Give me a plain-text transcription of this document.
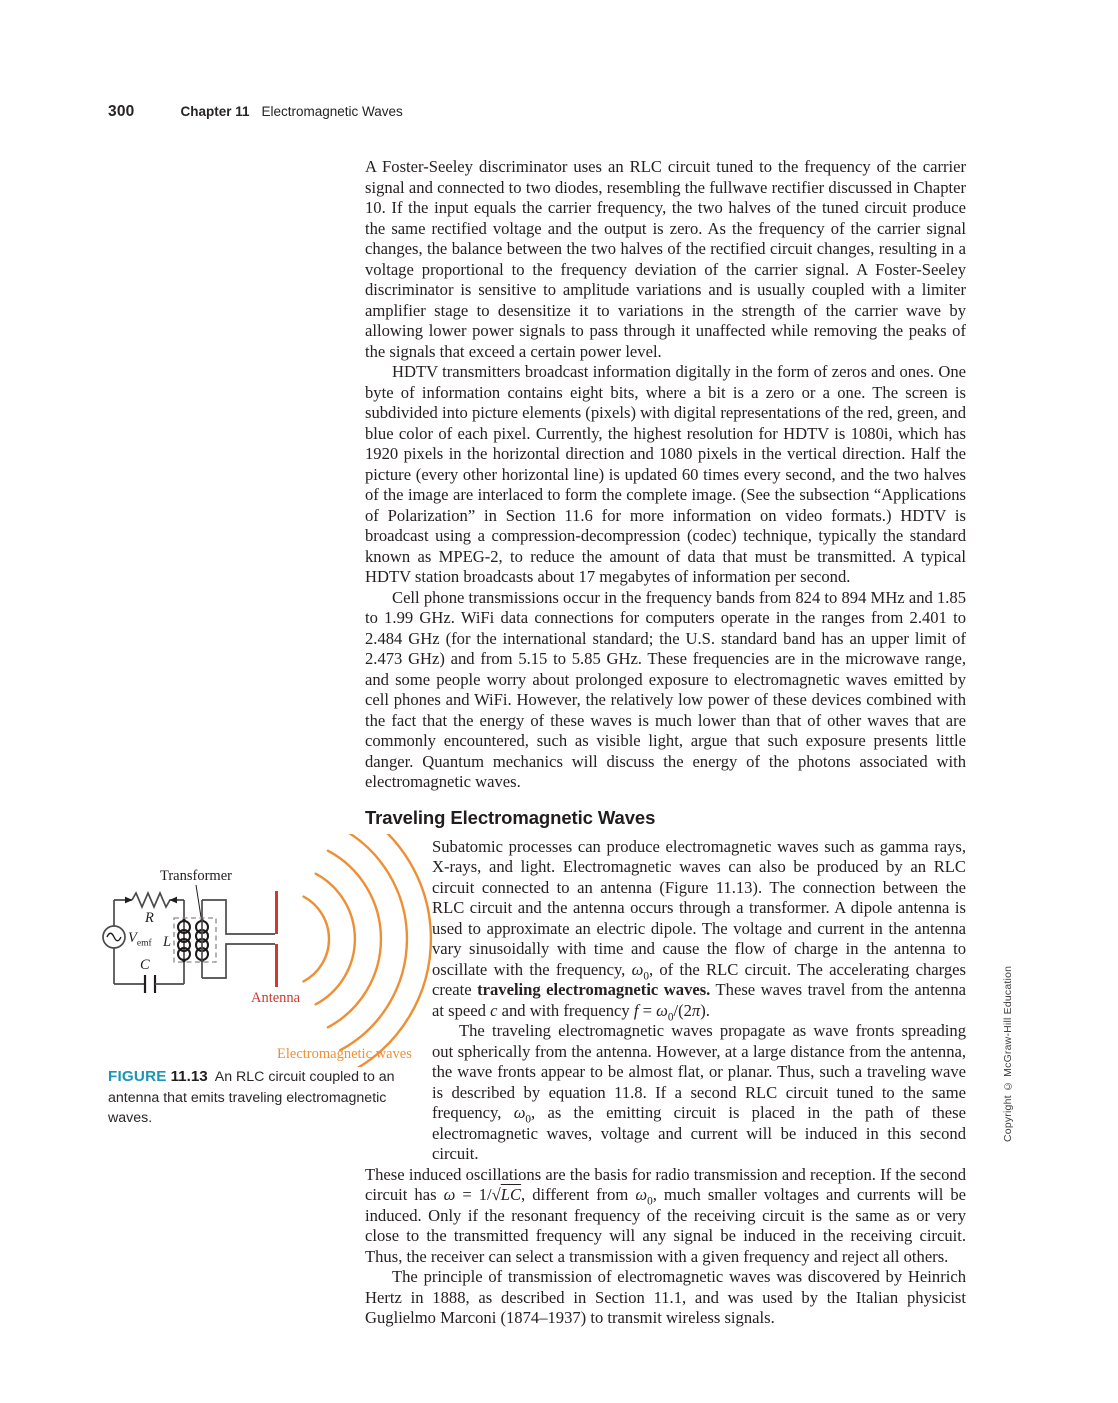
300	Chapter 11 Electromagnetic Waves

A Foster-Seeley discriminator uses an RLC circuit tuned to the frequency of the carrier signal and connected to two diodes, resembling the fullwave rectifier discussed in Chapter 10. If the input equals the carrier frequency, the two halves of the tuned circuit produce the same rectified voltage and the output is zero. As the frequency of the carrier signal changes, the balance between the two halves of the rectified circuit changes, resulting in a voltage proportional to the frequency deviation of the carrier signal. A Foster-Seeley discriminator is sensitive to amplitude variations and is usually coupled with a limiter amplifier stage to desensitize it to variations in the strength of the carrier wave by allowing lower power signals to pass through it unaffected while removing the peaks of the signals that exceed a certain power level.

HDTV transmitters broadcast information digitally in the form of zeros and ones. One byte of information contains eight bits, where a bit is a zero or a one. The screen is subdivided into picture elements (pixels) with digital representations of the red, green, and blue color of each pixel. Currently, the highest resolution for HDTV is 1080i, which has 1920 pixels in the horizontal direction and 1080 pixels in the vertical direction. Half the picture (every other horizontal line) is updated 60 times every second, and the two halves of the image are interlaced to form the complete image. (See the subsection “Applications of Polarization” in Section 11.6 for more information on video formats.) HDTV is broadcast using a compression-decompression (codec) technique, typically the standard known as MPEG-2, to reduce the amount of data that must be transmitted. A typical HDTV station broadcasts about 17 megabytes of information per second.

Cell phone transmissions occur in the frequency bands from 824 to 894 MHz and 1.85 to 1.99 GHz. WiFi data connections for computers operate in the ranges from 2.401 to 2.484 GHz (for the international standard; the U.S. standard band has an upper limit of 2.473 GHz) and from 5.15 to 5.85 GHz. These frequencies are in the microwave range, and some people worry about prolonged exposure to electromagnetic waves emitted by cell phones and WiFi. However, the relatively low power of these devices combined with the fact that the energy of these waves is much lower than that of other waves that are commonly encountered, such as visible light, argue that such exposure presents little danger. Quantum mechanics will discuss the energy of the photons associated with electromagnetic waves.

Traveling Electromagnetic Waves

Subatomic processes can produce electromagnetic waves such as gamma rays, X-rays, and light. Electromagnetic waves can also be produced by an RLC circuit connected to an antenna (Figure 11.13). The connection between the RLC circuit and the antenna occurs through a transformer. A dipole antenna is used to approximate an electric dipole. The voltage and current in the antenna vary sinusoidally with time and cause the flow of charge in the antenna to oscillate with the frequency, $\omega_0$, of the RLC circuit. The accelerating charges create traveling electromagnetic waves. These waves travel from the antenna at speed c and with frequency $f = \omega_0/(2\pi)$.

The traveling electromagnetic waves propagate as wave fronts spreading out spherically from the antenna. However, at a large distance from the antenna, the wave fronts appear to be almost flat, or planar. Thus, such a traveling wave is described by equation 11.8. If a second RLC circuit tuned to the same frequency, $\omega_0$, as the emitting circuit is placed in the path of these electromagnetic waves, voltage and current will be induced in this second circuit.

These induced oscillations are the basis for radio transmission and reception. If the second circuit has ω = 1/√LC, different from $\omega_0$, much smaller voltages and currents will be induced. Only if the resonant frequency of the receiving circuit is the same as or very close to the transmitted frequency will any signal be induced in the receiving circuit. Thus, the receiver can select a transmission with a given frequency and reject all others.

The principle of transmission of electromagnetic waves was discovered by Heinrich Hertz in 1888, as described in Section 11.1, and was used by the Italian physicist Guglielmo Marconi (1874–1937) to transmit wireless signals.

Transformer
R
$V_{emf}$ L
C
Antenna
Electromagnetic waves
FIGURE 11.13 An RLC circuit coupled to an antenna that emits traveling electromagnetic waves.	Copyright © McGraw-Hill Education
